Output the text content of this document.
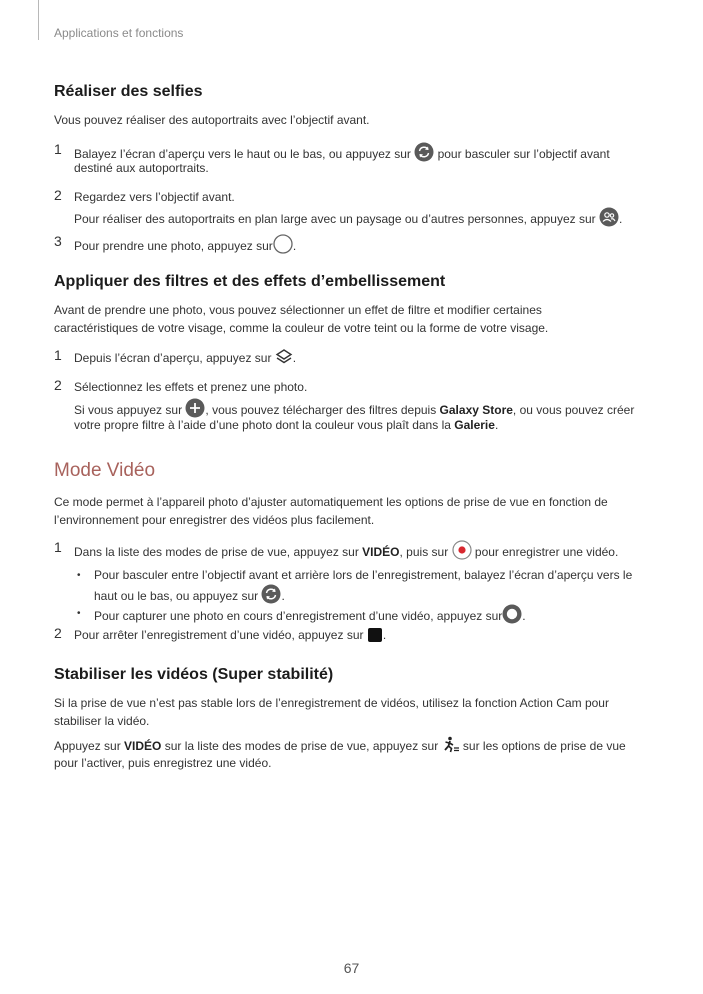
Applications et fonctions
Réaliser des selfies
Vous pouvez réaliser des autoportraits avec l’objectif avant.
1 Balayez l’écran d’aperçu vers le haut ou le bas, ou appuyez sur pour basculer sur l’objectif avant
destiné aux autoportraits.
2 Regardez vers l’objectif avant.
Pour réaliser des autoportraits en plan large avec un paysage ou d’autres personnes, appuyez sur .
3 Pour prendre une photo, appuyez sur .
Appliquer des filtres et des effets d’embellissement
Avant de prendre une photo, vous pouvez sélectionner un effet de filtre et modifier certaines
caractéristiques de votre visage, comme la couleur de votre teint ou la forme de votre visage.
1 Depuis l’écran d’aperçu, appuyez sur .
2 Sélectionnez les effets et prenez une photo.
Si vous appuyez sur , vous pouvez télécharger des filtres depuis Galaxy Store, ou vous pouvez créer
votre propre filtre à l’aide d’une photo dont la couleur vous plaît dans la Galerie.
Mode Vidéo
Ce mode permet à l’appareil photo d’ajuster automatiquement les options de prise de vue en fonction de
l’environnement pour enregistrer des vidéos plus facilement.
1 Dans la liste des modes de prise de vue, appuyez sur VIDÉO, puis sur pour enregistrer une vidéo.
• Pour basculer entre l’objectif avant et arrière lors de l’enregistrement, balayez l’écran d’aperçu vers le
haut ou le bas, ou appuyez sur .
• Pour capturer une photo en cours d’enregistrement d’une vidéo, appuyez sur .
2 Pour arrêter l’enregistrement d’une vidéo, appuyez sur .
Stabiliser les vidéos (Super stabilité)
Si la prise de vue n’est pas stable lors de l’enregistrement de vidéos, utilisez la fonction Action Cam pour
stabiliser la vidéo.
Appuyez sur VIDÉO sur la liste des modes de prise de vue, appuyez sur sur les options de prise de vue
pour l’activer, puis enregistrez une vidéo.
67
